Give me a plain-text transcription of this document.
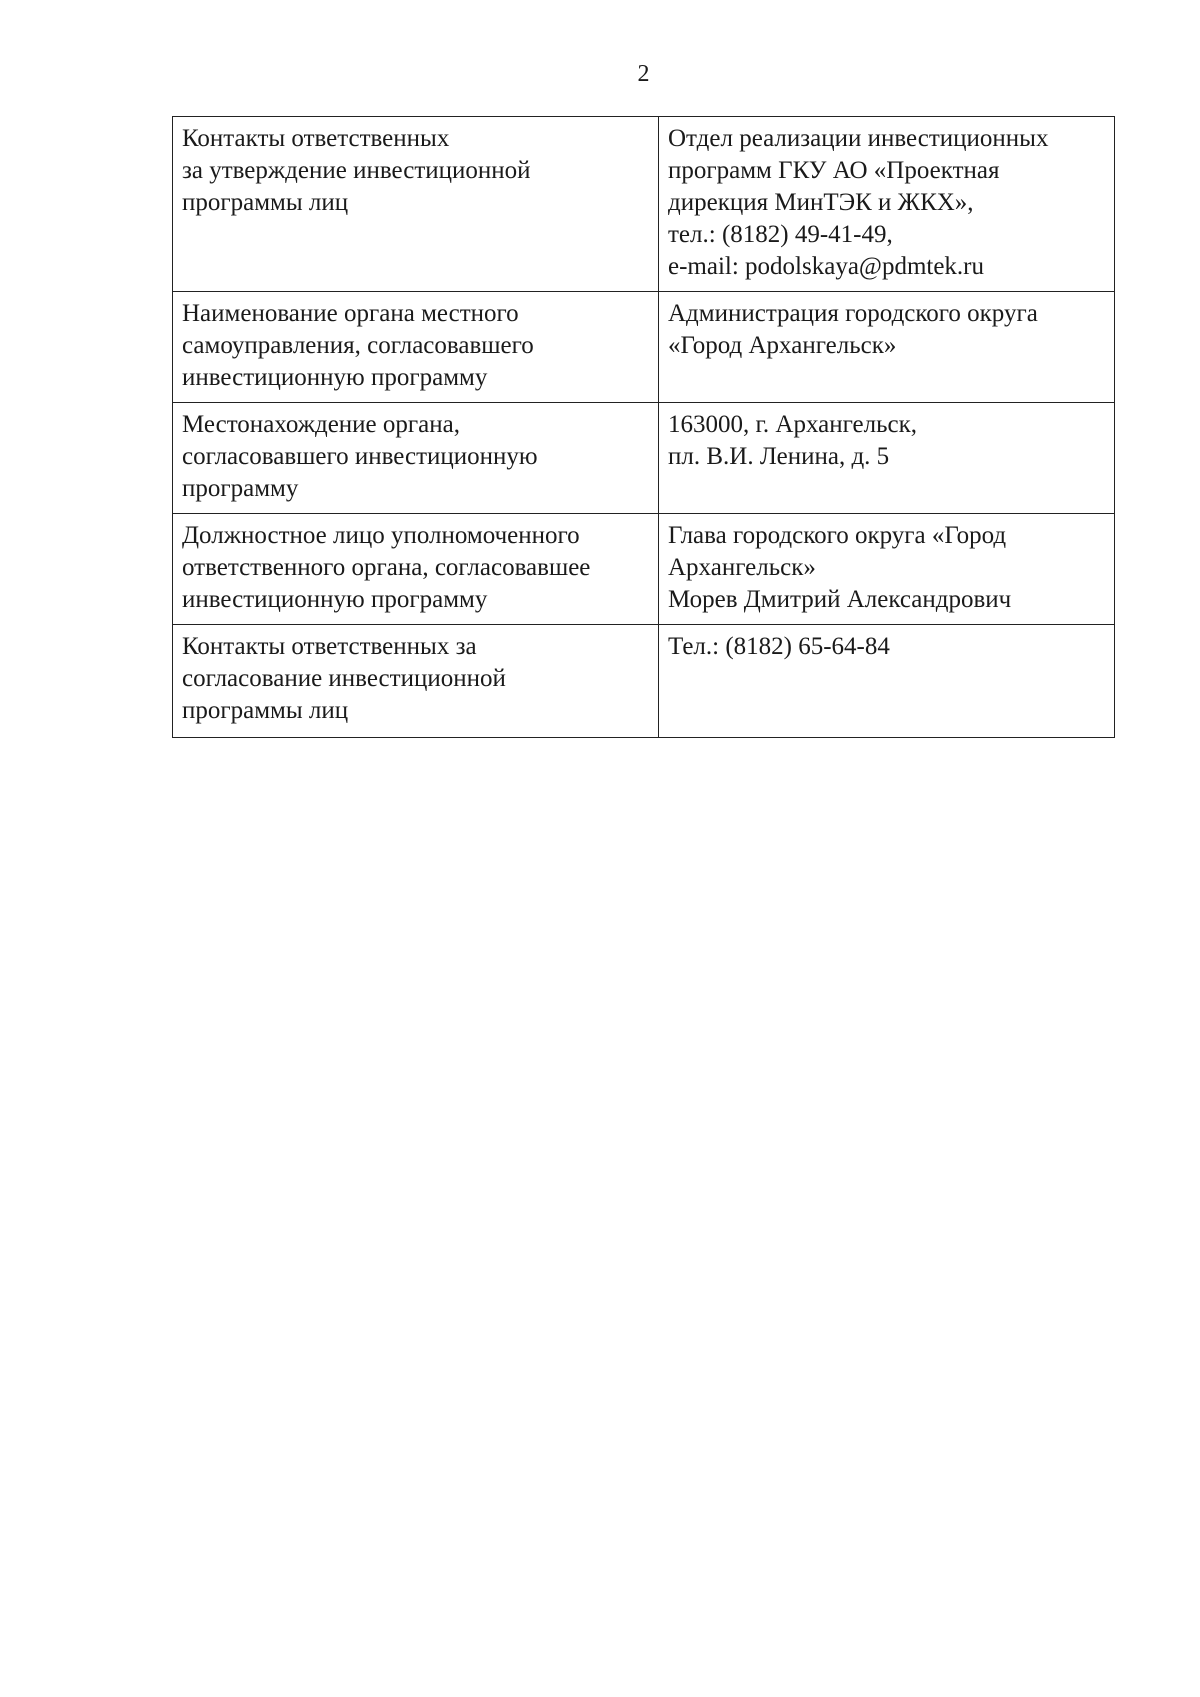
2
Контакты ответственных
за утверждение инвестиционной
программы лиц	Отдел реализации инвестиционных
программ ГКУ АО «Проектная
дирекция МинТЭК и ЖКХ»,
тел.: (8182) 49-41-49,
e-mail: podolskaya@pdmtek.ru

Наименование органа местного
самоуправления, согласовавшего
инвестиционную программу	Администрация городского округа
«Город Архангельск»

Местонахождение органа,
согласовавшего инвестиционную
программу	163000, г. Архангельск,
пл. В.И. Ленина, д. 5

Должностное лицо уполномоченного
ответственного органа, согласовавшее
инвестиционную программу	Глава городского округа «Город
Архангельск»
Морев Дмитрий Александрович

Контакты ответственных за
согласование инвестиционной
программы лиц	Тел.: (8182) 65-64-84
